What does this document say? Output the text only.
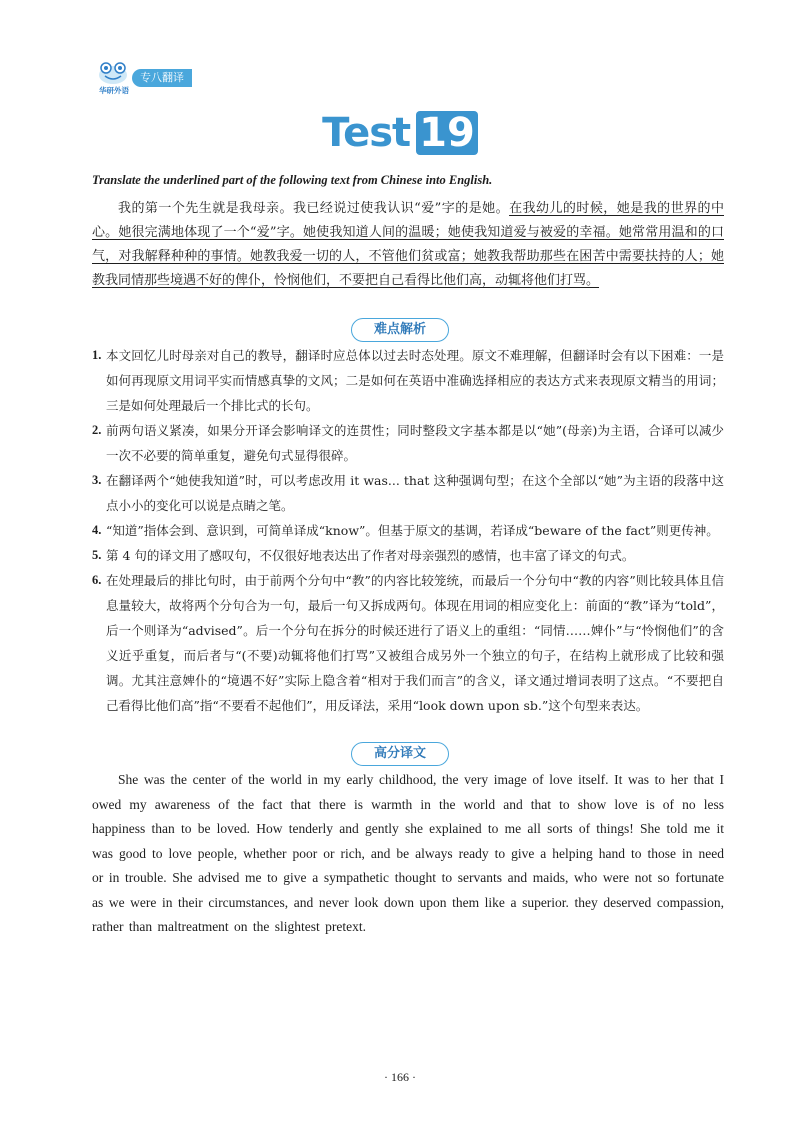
华研外语
专八翻译
Test 19
Translate the underlined part of the following text from Chinese into English.
我的第一个先生就是我母亲。我已经说过使我认识“爱”字的是她。在我幼儿的时候，她是我的世界的中心。她很完满地体现了一个“爱”字。她使我知道人间的温暖；她使我知道爱与被爱的幸福。她常常用温和的口气，对我解释种种的事情。她教我爱一切的人，不管他们贫或富；她教我帮助那些在困苦中需要扶持的人；她教我同情那些境遇不好的俾仆，怜悯他们，不要把自己看得比他们高，动辄将他们打骂。
难点解析
1. 本文回忆儿时母亲对自己的教导，翻译时应总体以过去时态处理。原文不难理解，但翻译时会有以下困难：一是如何再现原文用词平实而情感真挚的文风；二是如何在英语中准确选择相应的表达方式来表现原文精当的用词；三是如何处理最后一个排比式的长句。
2. 前两句语义紧凑，如果分开译会影响译文的连贯性；同时整段文字基本都是以“她”(母亲)为主语，合译可以减少一次不必要的简单重复，避免句式显得很碎。
3. 在翻译两个“她使我知道”时，可以考虑改用 it was... that 这种强调句型；在这个全部以“她”为主语的段落中这点小小的变化可以说是点睛之笔。
4. “知道”指体会到、意识到，可简单译成“know”。但基于原文的基调，若译成“beware of the fact”则更传神。
5. 第 4 句的译文用了感叹句，不仅很好地表达出了作者对母亲强烈的感情，也丰富了译文的句式。
6. 在处理最后的排比句时，由于前两个分句中“教”的内容比较笼统，而最后一个分句中“教的内容”则比较具体且信息量较大，故将两个分句合为一句，最后一句又拆成两句。体现在用词的相应变化上：前面的“教”译为“told”，后一个则译为“advised”。后一个分句在拆分的时候还进行了语义上的重组：“同情……婢仆”与“怜悯他们”的含义近乎重复，而后者与“(不要)动辄将他们打骂”又被组合成另外一个独立的句子，在结构上就形成了比较和强调。尤其注意婢仆的“境遇不好”实际上隐含着“相对于我们而言”的含义，译文通过增词表明了这点。“不要把自己看得比他们高”指“不要看不起他们”，用反译法，采用“look down upon sb.”这个句型来表达。
高分译文
She was the center of the world in my early childhood, the very image of love itself. It was to her that I owed my awareness of the fact that there is warmth in the world and that to show love is of no less happiness than to be loved. How tenderly and gently she explained to me all sorts of things! She told me it was good to love people, whether poor or rich, and be always ready to give a helping hand to those in need or in trouble. She advised me to give a sympathetic thought to servants and maids, who were not so fortunate as we were in their circumstances, and never look down upon them like a superior. they deserved compassion, rather than maltreatment on the slightest pretext.
· 166 ·
